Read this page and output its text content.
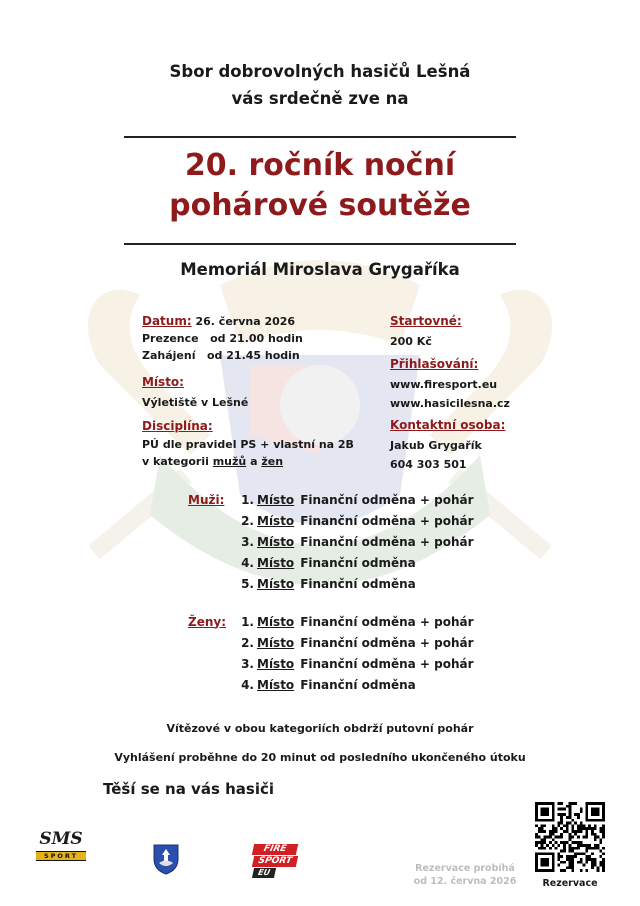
Sbor dobrovolných hasičů Lešná
vás srdečně zve na
20. ročník noční
pohárové soutěže
Memoriál Miroslava Grygaříka
Datum: 26. června 2026
Prezence od 21.00 hodin
Zahájení od 21.45 hodin
Místo:
Výletiště v Lešné
Disciplína:
PÚ dle pravidel PS + vlastní na 2B
v kategorii mužů a žen
Startovné:
200 Kč
Přihlašování:
www.firesport.eu
www.hasicilesna.cz
Kontaktní osoba:
Jakub Grygařík
604 303 501
Muži:	1.	Místo	Finanční odměna + pohár
	2.	Místo	Finanční odměna + pohár
	3.	Místo	Finanční odměna + pohár
	4.	Místo	Finanční odměna
	5.	Místo	Finanční odměna
Ženy:	1.	Místo	Finanční odměna + pohár
	2.	Místo	Finanční odměna + pohár
	3.	Místo	Finanční odměna + pohár
	4.	Místo	Finanční odměna
Vítězové v obou kategoriích obdrží putovní pohár
Vyhlášení proběhne do 20 minut od posledního ukončeného útoku
Těší se na vás hasiči
SMS
SPORT
FIRE
SPORT
EU	Rezervace probíhá
od 12. června 2026	Rezervace
